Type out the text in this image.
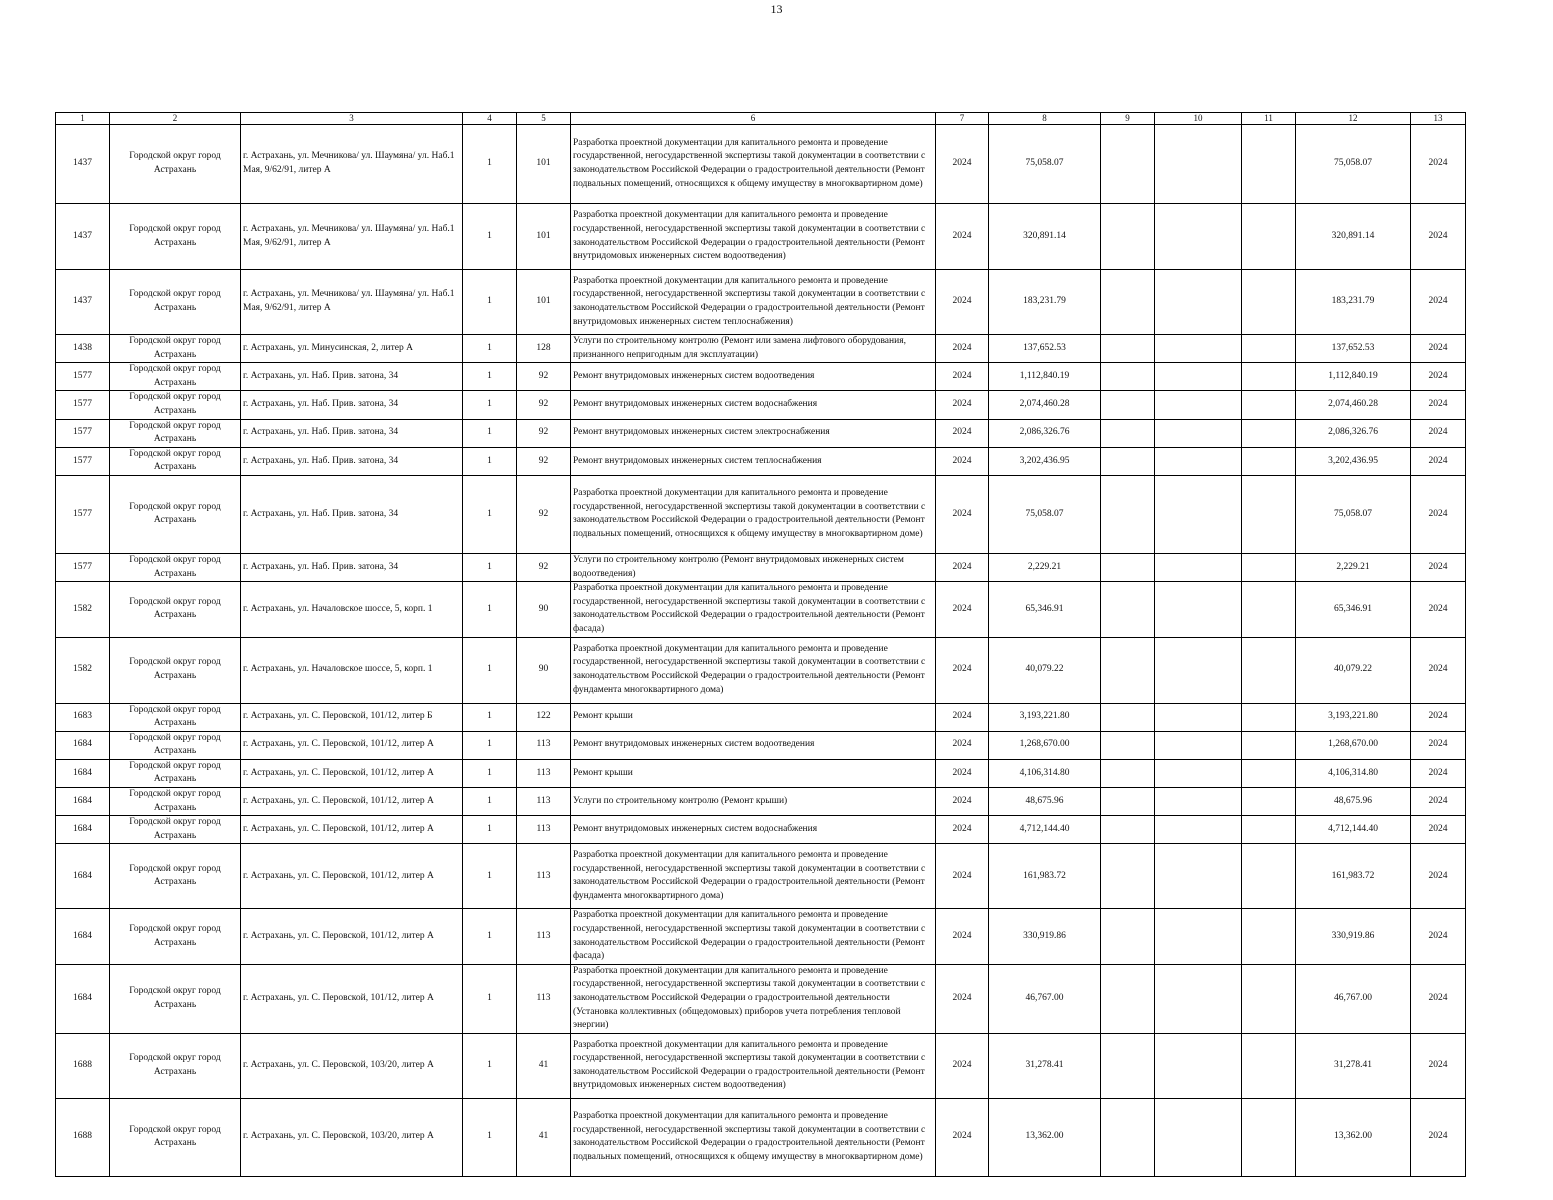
13
1	2	3	4	5	6	7	8	9	10	11	12	13
1437	Городской округ город Астрахань	г. Астрахань, ул. Мечникова/ ул. Шаумяна/ ул. Наб.1 Мая, 9/62/91, литер А	1	101	Разработка проектной документации для капитального ремонта и проведение государственной, негосударственной экспертизы такой документации в соответствии с законодательством Российской Федерации о градостроительной деятельности (Ремонт подвальных помещений, относящихся к общему имуществу в многоквартирном доме)	2024	75,058.07				75,058.07	2024
1437	Городской округ город Астрахань	г. Астрахань, ул. Мечникова/ ул. Шаумяна/ ул. Наб.1 Мая, 9/62/91, литер А	1	101	Разработка проектной документации для капитального ремонта и проведение государственной, негосударственной экспертизы такой документации в соответствии с законодательством Российской Федерации о градостроительной деятельности (Ремонт внутридомовых инженерных систем водоотведения)	2024	320,891.14				320,891.14	2024
1437	Городской округ город Астрахань	г. Астрахань, ул. Мечникова/ ул. Шаумяна/ ул. Наб.1 Мая, 9/62/91, литер А	1	101	Разработка проектной документации для капитального ремонта и проведение государственной, негосударственной экспертизы такой документации в соответствии с законодательством Российской Федерации о градостроительной деятельности (Ремонт внутридомовых инженерных систем теплоснабжения)	2024	183,231.79				183,231.79	2024
1438	Городской округ город Астрахань	г. Астрахань, ул. Минусинская, 2, литер А	1	128	Услуги по строительному контролю (Ремонт или замена лифтового оборудования, признанного непригодным для эксплуатации)	2024	137,652.53				137,652.53	2024
1577	Городской округ город Астрахань	г. Астрахань, ул. Наб. Прив. затона, 34	1	92	Ремонт внутридомовых инженерных систем водоотведения	2024	1,112,840.19				1,112,840.19	2024
1577	Городской округ город Астрахань	г. Астрахань, ул. Наб. Прив. затона, 34	1	92	Ремонт внутридомовых инженерных систем водоснабжения	2024	2,074,460.28				2,074,460.28	2024
1577	Городской округ город Астрахань	г. Астрахань, ул. Наб. Прив. затона, 34	1	92	Ремонт внутридомовых инженерных систем электроснабжения	2024	2,086,326.76				2,086,326.76	2024
1577	Городской округ город Астрахань	г. Астрахань, ул. Наб. Прив. затона, 34	1	92	Ремонт внутридомовых инженерных систем теплоснабжения	2024	3,202,436.95				3,202,436.95	2024
1577	Городской округ город Астрахань	г. Астрахань, ул. Наб. Прив. затона, 34	1	92	Разработка проектной документации для капитального ремонта и проведение государственной, негосударственной экспертизы такой документации в соответствии с законодательством Российской Федерации о градостроительной деятельности (Ремонт подвальных помещений, относящихся к общему имуществу в многоквартирном доме)	2024	75,058.07				75,058.07	2024
1577	Городской округ город Астрахань	г. Астрахань, ул. Наб. Прив. затона, 34	1	92	Услуги по строительному контролю (Ремонт внутридомовых инженерных систем водоотведения)	2024	2,229.21				2,229.21	2024
1582	Городской округ город Астрахань	г. Астрахань, ул. Началовское шоссе, 5, корп. 1	1	90	Разработка проектной документации для капитального ремонта и проведение государственной, негосударственной экспертизы такой документации в соответствии с законодательством Российской Федерации о градостроительной деятельности (Ремонт фасада)	2024	65,346.91				65,346.91	2024
1582	Городской округ город Астрахань	г. Астрахань, ул. Началовское шоссе, 5, корп. 1	1	90	Разработка проектной документации для капитального ремонта и проведение государственной, негосударственной экспертизы такой документации в соответствии с законодательством Российской Федерации о градостроительной деятельности (Ремонт фундамента многоквартирного дома)	2024	40,079.22				40,079.22	2024
1683	Городской округ город Астрахань	г. Астрахань, ул. С. Перовской, 101/12, литер Б	1	122	Ремонт крыши	2024	3,193,221.80				3,193,221.80	2024
1684	Городской округ город Астрахань	г. Астрахань, ул. С. Перовской, 101/12, литер А	1	113	Ремонт внутридомовых инженерных систем водоотведения	2024	1,268,670.00				1,268,670.00	2024
1684	Городской округ город Астрахань	г. Астрахань, ул. С. Перовской, 101/12, литер А	1	113	Ремонт крыши	2024	4,106,314.80				4,106,314.80	2024
1684	Городской округ город Астрахань	г. Астрахань, ул. С. Перовской, 101/12, литер А	1	113	Услуги по строительному контролю (Ремонт крыши)	2024	48,675.96				48,675.96	2024
1684	Городской округ город Астрахань	г. Астрахань, ул. С. Перовской, 101/12, литер А	1	113	Ремонт внутридомовых инженерных систем водоснабжения	2024	4,712,144.40				4,712,144.40	2024
1684	Городской округ город Астрахань	г. Астрахань, ул. С. Перовской, 101/12, литер А	1	113	Разработка проектной документации для капитального ремонта и проведение государственной, негосударственной экспертизы такой документации в соответствии с законодательством Российской Федерации о градостроительной деятельности (Ремонт фундамента многоквартирного дома)	2024	161,983.72				161,983.72	2024
1684	Городской округ город Астрахань	г. Астрахань, ул. С. Перовской, 101/12, литер А	1	113	Разработка проектной документации для капитального ремонта и проведение государственной, негосударственной экспертизы такой документации в соответствии с законодательством Российской Федерации о градостроительной деятельности (Ремонт фасада)	2024	330,919.86				330,919.86	2024
1684	Городской округ город Астрахань	г. Астрахань, ул. С. Перовской, 101/12, литер А	1	113	Разработка проектной документации для капитального ремонта и проведение государственной, негосударственной экспертизы такой документации в соответствии с законодательством Российской Федерации о градостроительной деятельности (Установка коллективных (общедомовых) приборов учета потребления тепловой энергии)	2024	46,767.00				46,767.00	2024
1688	Городской округ город Астрахань	г. Астрахань, ул. С. Перовской, 103/20, литер А	1	41	Разработка проектной документации для капитального ремонта и проведение государственной, негосударственной экспертизы такой документации в соответствии с законодательством Российской Федерации о градостроительной деятельности (Ремонт внутридомовых инженерных систем водоотведения)	2024	31,278.41				31,278.41	2024
1688	Городской округ город Астрахань	г. Астрахань, ул. С. Перовской, 103/20, литер А	1	41	Разработка проектной документации для капитального ремонта и проведение государственной, негосударственной экспертизы такой документации в соответствии с законодательством Российской Федерации о градостроительной деятельности (Ремонт подвальных помещений, относящихся к общему имуществу в многоквартирном доме)	2024	13,362.00				13,362.00	2024
